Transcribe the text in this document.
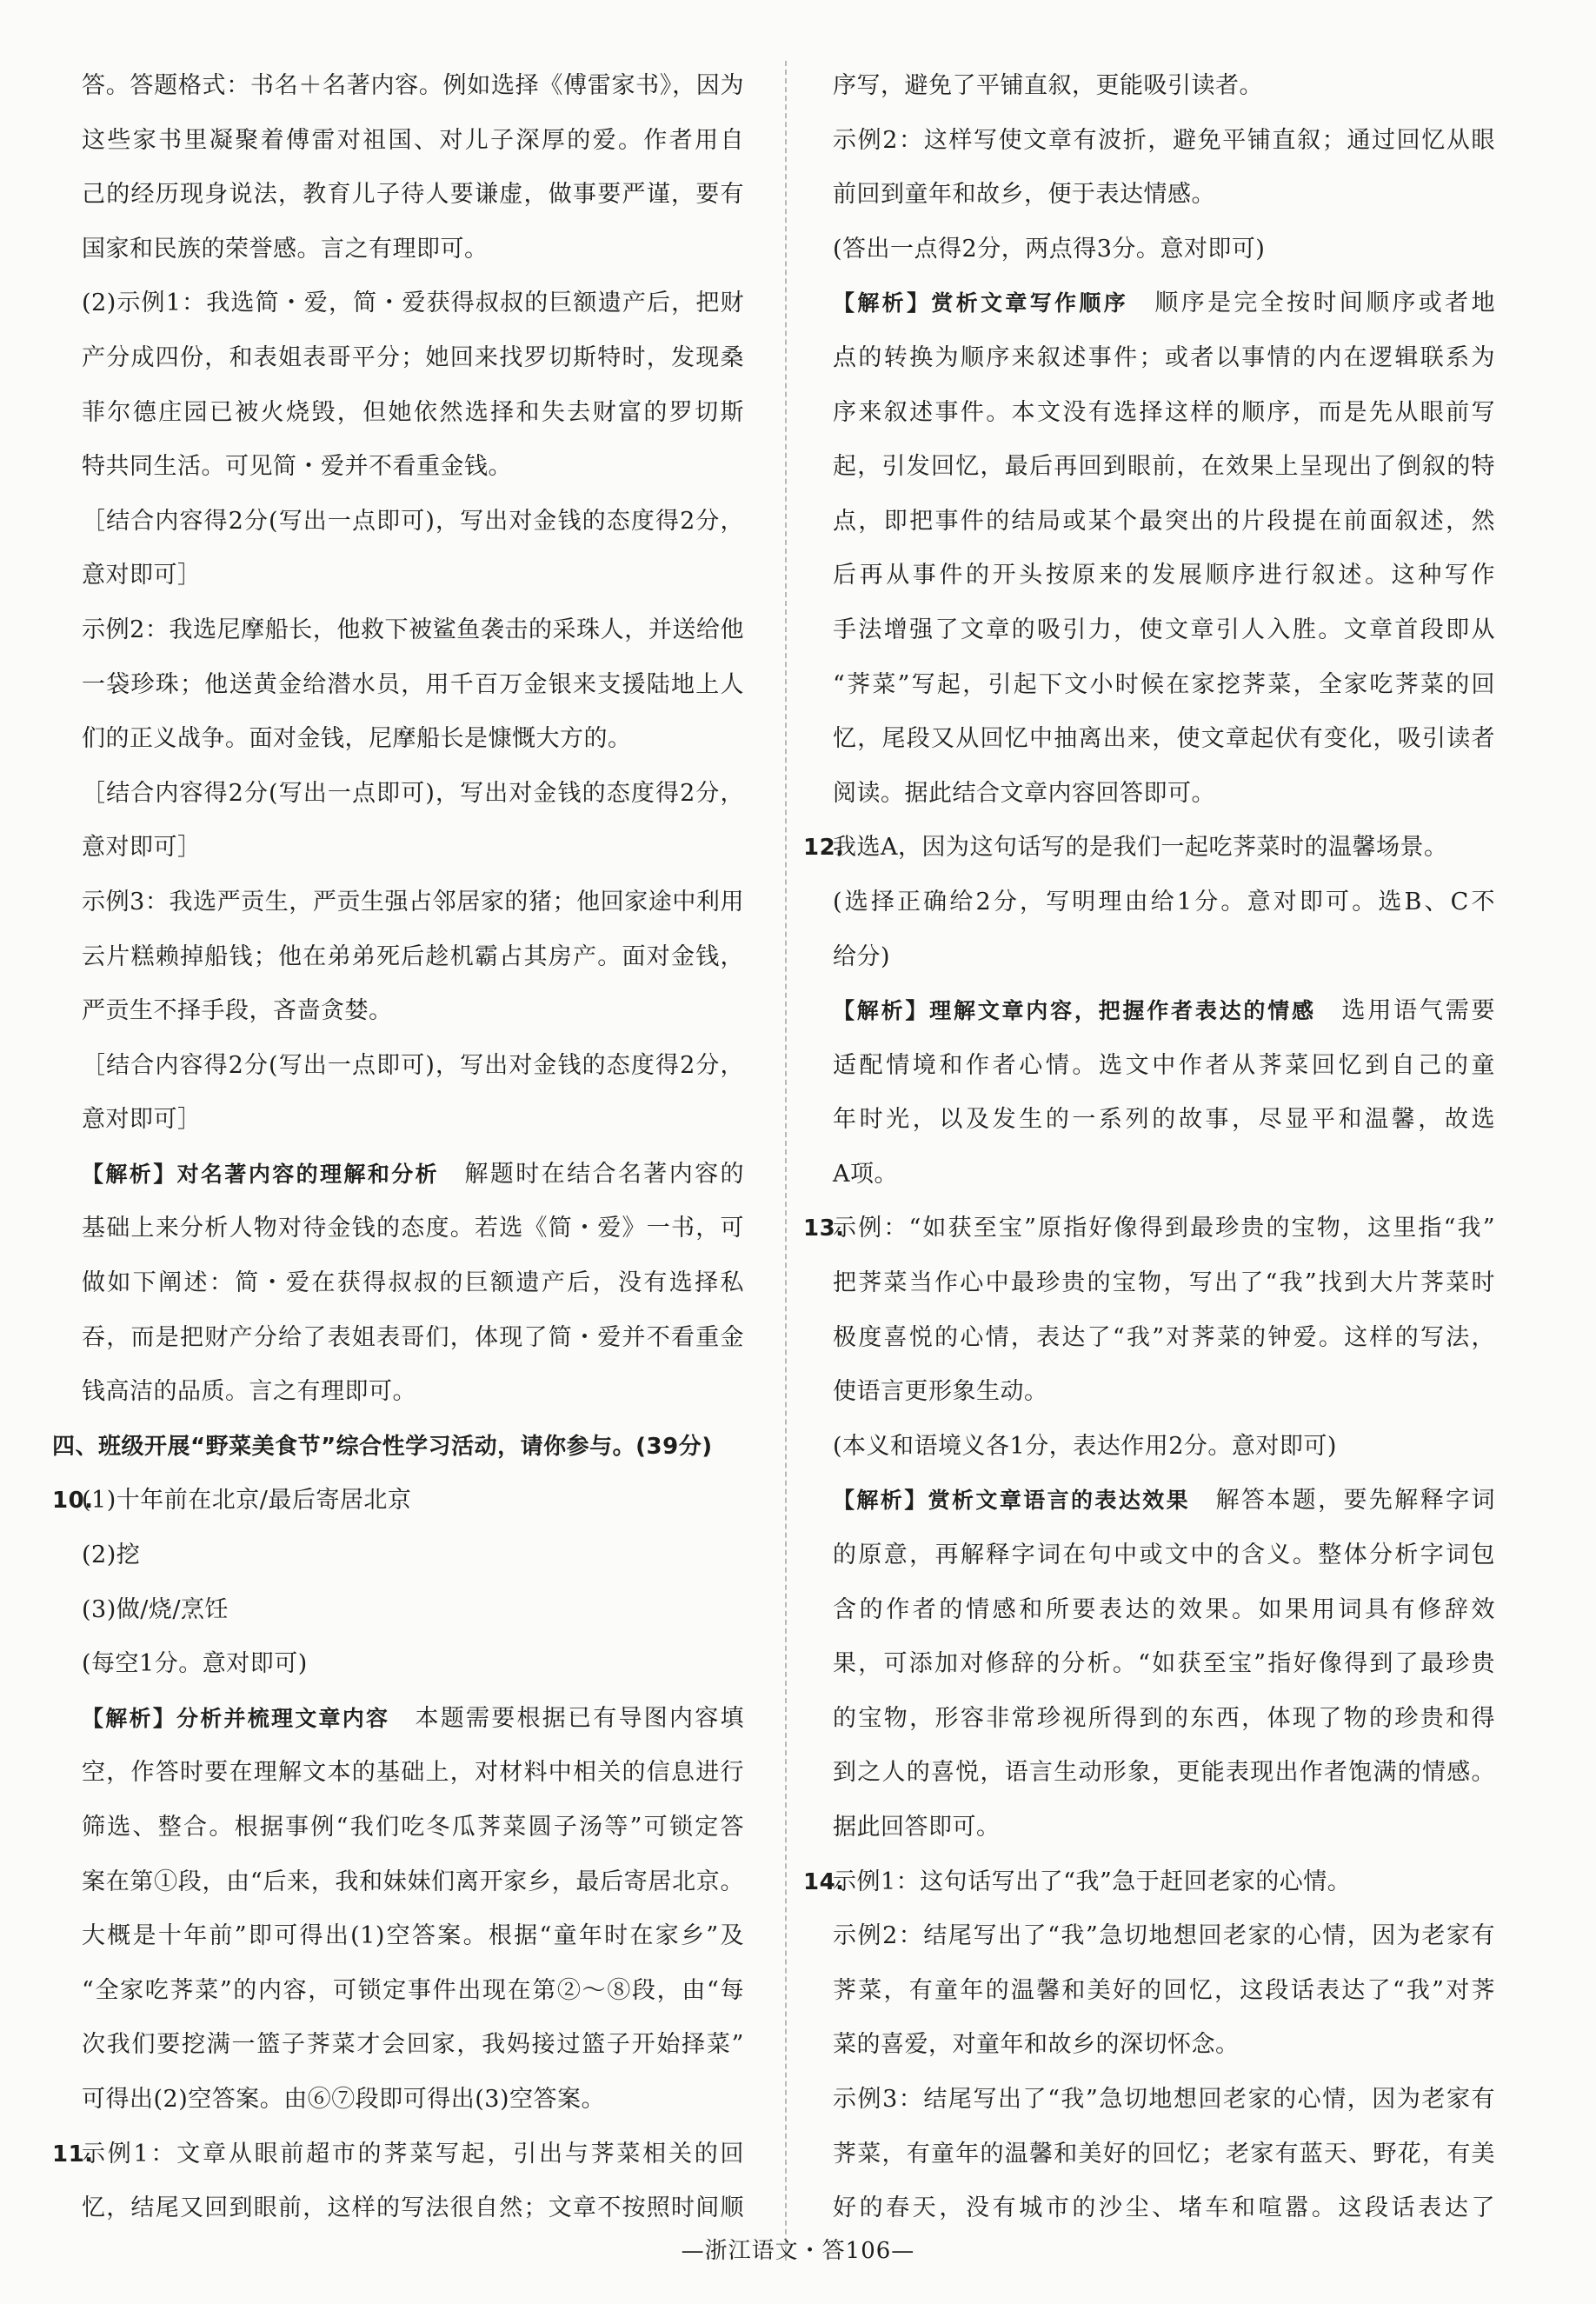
答。答题格式：书名＋名著内容。例如选择《傅雷家书》，因为
这些家书里凝聚着傅雷对祖国、对儿子深厚的爱。作者用自
己的经历现身说法，教育儿子待人要谦虚，做事要严谨，要有
国家和民族的荣誉感。言之有理即可。
(2)示例1：我选简・爱，简・爱获得叔叔的巨额遗产后，把财
产分成四份，和表姐表哥平分；她回来找罗切斯特时，发现桑
菲尔德庄园已被火烧毁，但她依然选择和失去财富的罗切斯
特共同生活。可见简・爱并不看重金钱。
［结合内容得2分(写出一点即可)，写出对金钱的态度得2分，
意对即可］
示例2：我选尼摩船长，他救下被鲨鱼袭击的采珠人，并送给他
一袋珍珠；他送黄金给潜水员，用千百万金银来支援陆地上人
们的正义战争。面对金钱，尼摩船长是慷慨大方的。
［结合内容得2分(写出一点即可)，写出对金钱的态度得2分，
意对即可］
示例3：我选严贡生，严贡生强占邻居家的猪；他回家途中利用
云片糕赖掉船钱；他在弟弟死后趁机霸占其房产。面对金钱，
严贡生不择手段，吝啬贪婪。
［结合内容得2分(写出一点即可)，写出对金钱的态度得2分，
意对即可］
【解析】对名著内容的理解和分析　解题时在结合名著内容的
基础上来分析人物对待金钱的态度。若选《简・爱》一书，可
做如下阐述：简・爱在获得叔叔的巨额遗产后，没有选择私
吞，而是把财产分给了表姐表哥们，体现了简・爱并不看重金
钱高洁的品质。言之有理即可。
四、班级开展“野菜美食节”综合性学习活动，请你参与。(39分)
10.
(1)十年前在北京/最后寄居北京
(2)挖
(3)做/烧/烹饪
(每空1分。意对即可)
【解析】分析并梳理文章内容　本题需要根据已有导图内容填
空，作答时要在理解文本的基础上，对材料中相关的信息进行
筛选、整合。根据事例“我们吃冬瓜荠菜圆子汤等”可锁定答
案在第①段，由“后来，我和妹妹们离开家乡，最后寄居北京。
大概是十年前”即可得出(1)空答案。根据“童年时在家乡”及
“全家吃荠菜”的内容，可锁定事件出现在第②～⑧段，由“每
次我们要挖满一篮子荠菜才会回家，我妈接过篮子开始择菜”
可得出(2)空答案。由⑥⑦段即可得出(3)空答案。
11.
示例1：文章从眼前超市的荠菜写起，引出与荠菜相关的回
忆，结尾又回到眼前，这样的写法很自然；文章不按照时间顺
序写，避免了平铺直叙，更能吸引读者。
示例2：这样写使文章有波折，避免平铺直叙；通过回忆从眼
前回到童年和故乡，便于表达情感。
(答出一点得2分，两点得3分。意对即可)
【解析】赏析文章写作顺序　顺序是完全按时间顺序或者地
点的转换为顺序来叙述事件；或者以事情的内在逻辑联系为
序来叙述事件。本文没有选择这样的顺序，而是先从眼前写
起，引发回忆，最后再回到眼前，在效果上呈现出了倒叙的特
点，即把事件的结局或某个最突出的片段提在前面叙述，然
后再从事件的开头按原来的发展顺序进行叙述。这种写作
手法增强了文章的吸引力，使文章引人入胜。文章首段即从
“荠菜”写起，引起下文小时候在家挖荠菜，全家吃荠菜的回
忆，尾段又从回忆中抽离出来，使文章起伏有变化，吸引读者
阅读。据此结合文章内容回答即可。
12.
我选A，因为这句话写的是我们一起吃荠菜时的温馨场景。
(选择正确给2分，写明理由给1分。意对即可。选B、C不
给分)
【解析】理解文章内容，把握作者表达的情感　选用语气需要
适配情境和作者心情。选文中作者从荠菜回忆到自己的童
年时光，以及发生的一系列的故事，尽显平和温馨，故选
A项。
13.
示例：“如获至宝”原指好像得到最珍贵的宝物，这里指“我”
把荠菜当作心中最珍贵的宝物，写出了“我”找到大片荠菜时
极度喜悦的心情，表达了“我”对荠菜的钟爱。这样的写法，
使语言更形象生动。
(本义和语境义各1分，表达作用2分。意对即可)
【解析】赏析文章语言的表达效果　解答本题，要先解释字词
的原意，再解释字词在句中或文中的含义。整体分析字词包
含的作者的情感和所要表达的效果。如果用词具有修辞效
果，可添加对修辞的分析。“如获至宝”指好像得到了最珍贵
的宝物，形容非常珍视所得到的东西，体现了物的珍贵和得
到之人的喜悦，语言生动形象，更能表现出作者饱满的情感。
据此回答即可。
14.
示例1：这句话写出了“我”急于赶回老家的心情。
示例2：结尾写出了“我”急切地想回老家的心情，因为老家有
荠菜，有童年的温馨和美好的回忆，这段话表达了“我”对荠
菜的喜爱，对童年和故乡的深切怀念。
示例3：结尾写出了“我”急切地想回老家的心情，因为老家有
荠菜，有童年的温馨和美好的回忆；老家有蓝天、野花，有美
好的春天，没有城市的沙尘、堵车和喧嚣。这段话表达了
—浙江语文・答106—
